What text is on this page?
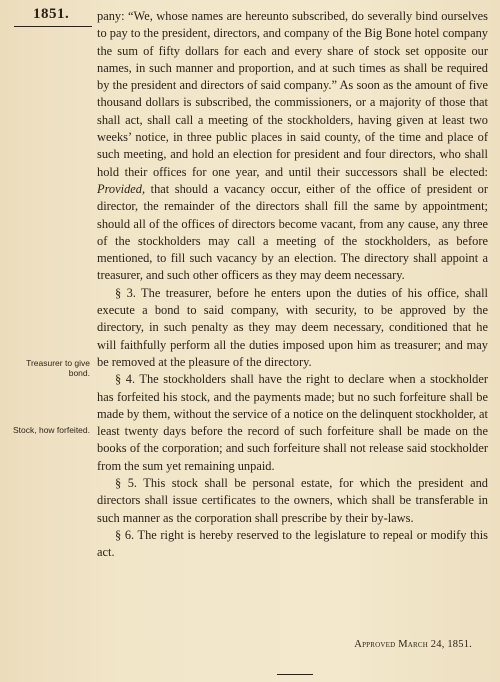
1851.
Treasurer to give bond.
Stock, how forfeited.

pany: “We, whose names are hereunto subscribed, do severally bind ourselves to pay to the president, directors, and company of the Big Bone hotel company the sum of fifty dollars for each and every share of stock set opposite our names, in such manner and proportion, and at such times as shall be required by the president and directors of said company.” As soon as the amount of five thousand dollars is subscribed, the commissioners, or a majority of those that shall act, shall call a meeting of the stockholders, having given at least two weeks’ notice, in three public places in said county, of the time and place of such meeting, and hold an election for president and four directors, who shall hold their offices for one year, and until their successors shall be elected: Provided, that should a vacancy occur, either of the office of president or director, the remainder of the directors shall fill the same by appointment; should all of the offices of directors become vacant, from any cause, any three of the stockholders may call a meeting of the stockholders, as before mentioned, to fill such vacancy by an election. The directory shall appoint a treasurer, and such other officers as they may deem necessary.

§ 3. The treasurer, before he enters upon the duties of his office, shall execute a bond to said company, with security, to be approved by the directory, in such penalty as they may deem necessary, conditioned that he will faithfully perform all the duties imposed upon him as treasurer; and may be removed at the pleasure of the directory.

§ 4. The stockholders shall have the right to declare when a stockholder has forfeited his stock, and the payments made; but no such forfeiture shall be made by them, without the service of a notice on the delinquent stockholder, at least twenty days before the record of such forfeiture shall be made on the books of the corporation; and such forfeiture shall not release said stockholder from the sum yet remaining unpaid.

§ 5. This stock shall be personal estate, for which the president and directors shall issue certificates to the owners, which shall be transferable in such manner as the corporation shall prescribe by their by-laws.

§ 6. The right is hereby reserved to the legislature to repeal or modify this act.

Approved March 24, 1851.
